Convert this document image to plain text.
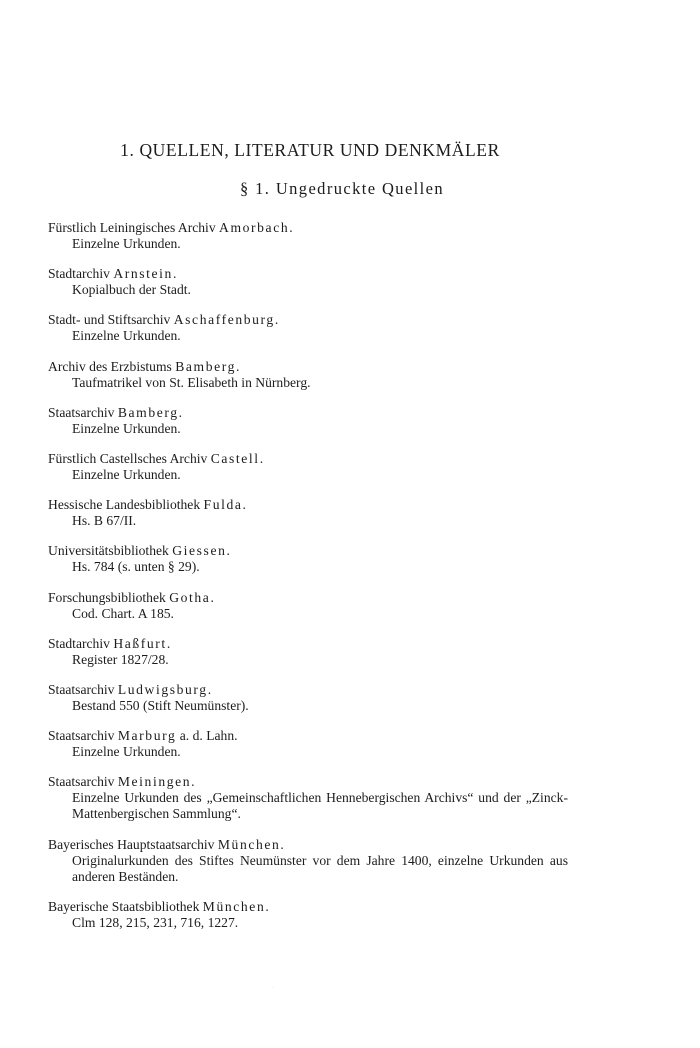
1. QUELLEN, LITERATUR UND DENKMÄLER
§ 1. Ungedruckte Quellen
Fürstlich Leiningisches Archiv Amorbach.
Einzelne Urkunden.
Stadtarchiv Arnstein.
Kopialbuch der Stadt.
Stadt- und Stiftsarchiv Aschaffenburg.
Einzelne Urkunden.
Archiv des Erzbistums Bamberg.
Taufmatrikel von St. Elisabeth in Nürnberg.
Staatsarchiv Bamberg.
Einzelne Urkunden.
Fürstlich Castellsches Archiv Castell.
Einzelne Urkunden.
Hessische Landesbibliothek Fulda.
Hs. B 67/II.
Universitätsbibliothek Giessen.
Hs. 784 (s. unten § 29).
Forschungsbibliothek Gotha.
Cod. Chart. A 185.
Stadtarchiv Haßfurt.
Register 1827/28.
Staatsarchiv Ludwigsburg.
Bestand 550 (Stift Neumünster).
Staatsarchiv Marburg a. d. Lahn.
Einzelne Urkunden.
Staatsarchiv Meiningen.
Einzelne Urkunden des „Gemeinschaftlichen Hennebergischen Archivs“ und der „Zinck-Mattenbergischen Sammlung“.
Bayerisches Hauptstaatsarchiv München.
Originalurkunden des Stiftes Neumünster vor dem Jahre 1400, einzelne Urkunden aus anderen Beständen.
Bayerische Staatsbibliothek München.
Clm 128, 215, 231, 716, 1227.
·
